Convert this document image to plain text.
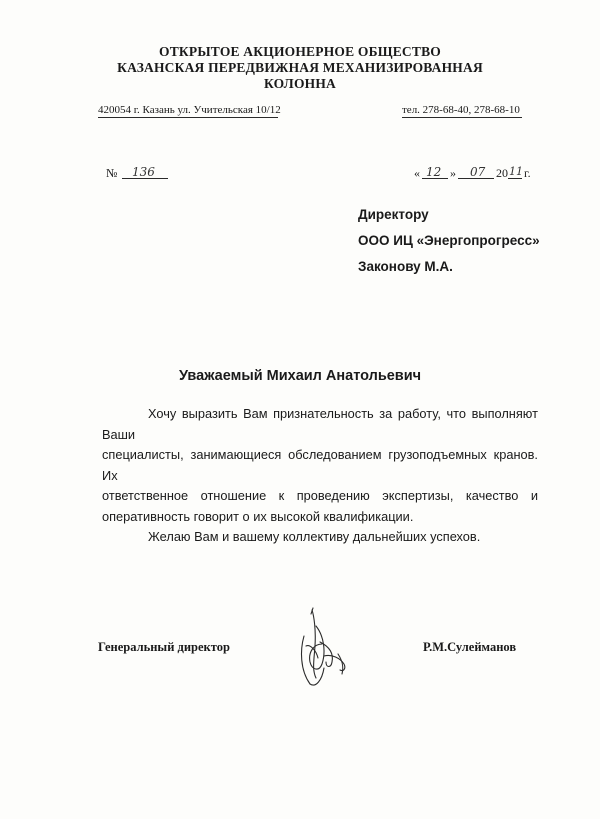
ОТКРЫТОЕ АКЦИОНЕРНОЕ ОБЩЕСТВО
КАЗАНСКАЯ ПЕРЕДВИЖНАЯ МЕХАНИЗИРОВАННАЯ
КОЛОННА
420054 г. Казань ул. Учительская 10/12	тел. 278-68-40, 278-68-10
№ 136	« 12 » 07 20 11 г.
Директору
ООО ИЦ «Энергопрогресс»
Законову М.А.
Уважаемый Михаил Анатольевич

Хочу выразить Вам признательность за работу, что выполняют Ваши

специалисты, занимающиеся обследованием грузоподъемных кранов. Их

ответственное отношение к проведению экспертизы, качество и

оперативность говорит о их высокой квалификации.

Желаю Вам и вашему коллективу дальнейших успехов.

Генеральный директор	Р.М.Сулейманов
